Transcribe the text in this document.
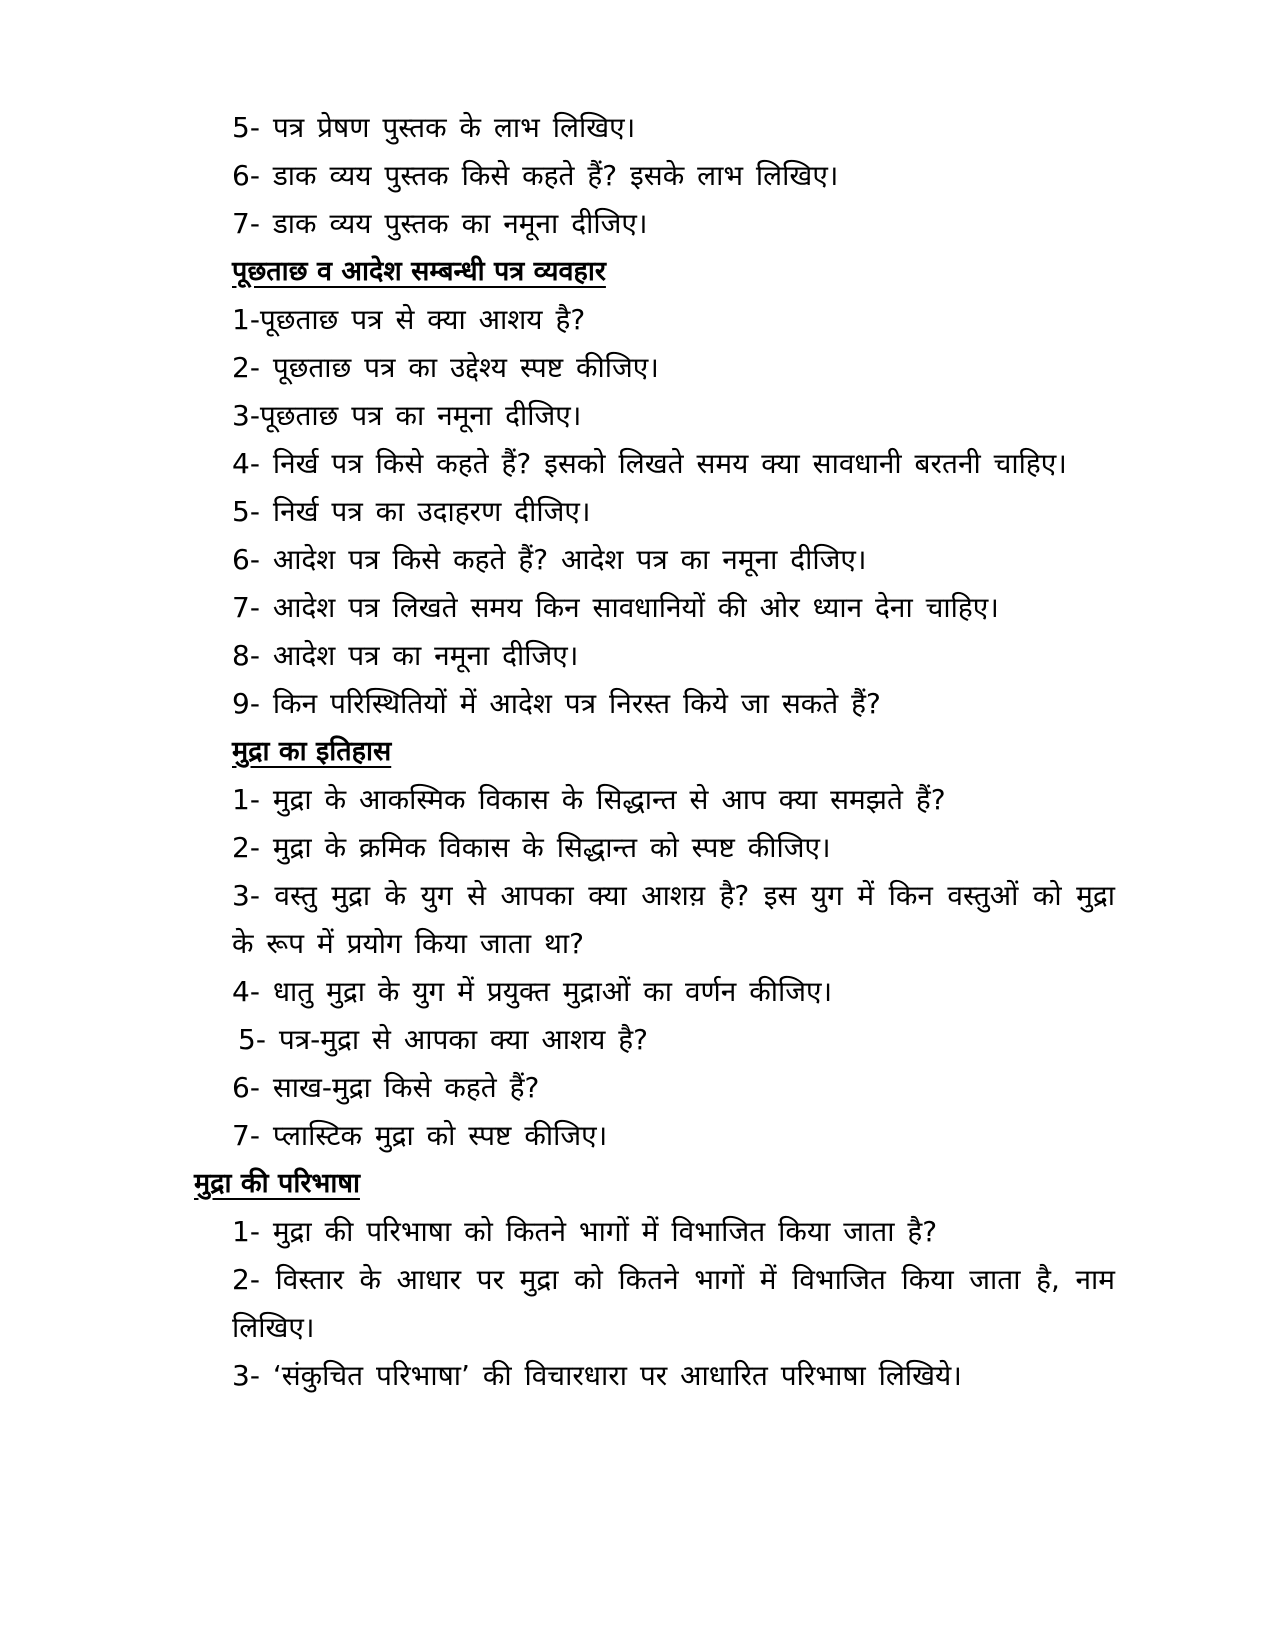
5- पत्र प्रेषण पुस्तक के लाभ लिखिए।
6- डाक व्यय पुस्तक किसे कहते हैं? इसके लाभ लिखिए।
7- डाक व्यय पुस्तक का नमूना दीजिए।
पूछताछ व आदेश सम्बन्धी पत्र व्यवहार
1-पूछताछ पत्र से क्या आशय है?
2- पूछताछ पत्र का उद्देश्य स्पष्ट कीजिए।
3-पूछताछ पत्र का नमूना दीजिए।
4- निर्ख पत्र किसे कहते हैं? इसको लिखते समय क्या सावधानी बरतनी चाहिए।
5- निर्ख पत्र का उदाहरण दीजिए।
6- आदेश पत्र किसे कहते हैं? आदेश पत्र का नमूना दीजिए।
7- आदेश पत्र लिखते समय किन सावधानियों की ओर ध्यान देना चाहिए।
8- आदेश पत्र का नमूना दीजिए।
9- किन परिस्थितियों में आदेश पत्र निरस्त किये जा सकते हैं?
मुद्रा का इतिहास
1- मुद्रा के आकस्मिक विकास के सिद्धान्त से आप क्या समझते हैं?
2- मुद्रा के क्रमिक विकास के सिद्धान्त को स्पष्ट कीजिए।
3- वस्तु मुद्रा के युग से आपका क्या आशय़ है? इस युग में किन वस्तुओं को मुद्रा के रूप में प्रयोग किया जाता था?
4- धातु मुद्रा के युग में प्रयुक्त मुद्राओं का वर्णन कीजिए।
5- पत्र-मुद्रा से आपका क्या आशय है?
6- साख-मुद्रा किसे कहते हैं?
7- प्लास्टिक मुद्रा को स्पष्ट कीजिए।
मुद्रा की परिभाषा
1- मुद्रा की परिभाषा को कितने भागों में विभाजित किया जाता है?
2- विस्तार के आधार पर मुद्रा को कितने भागों में विभाजित किया जाता है, नाम लिखिए।
3- ‘संकुचित परिभाषा’ की विचारधारा पर आधारित परिभाषा लिखिये।
